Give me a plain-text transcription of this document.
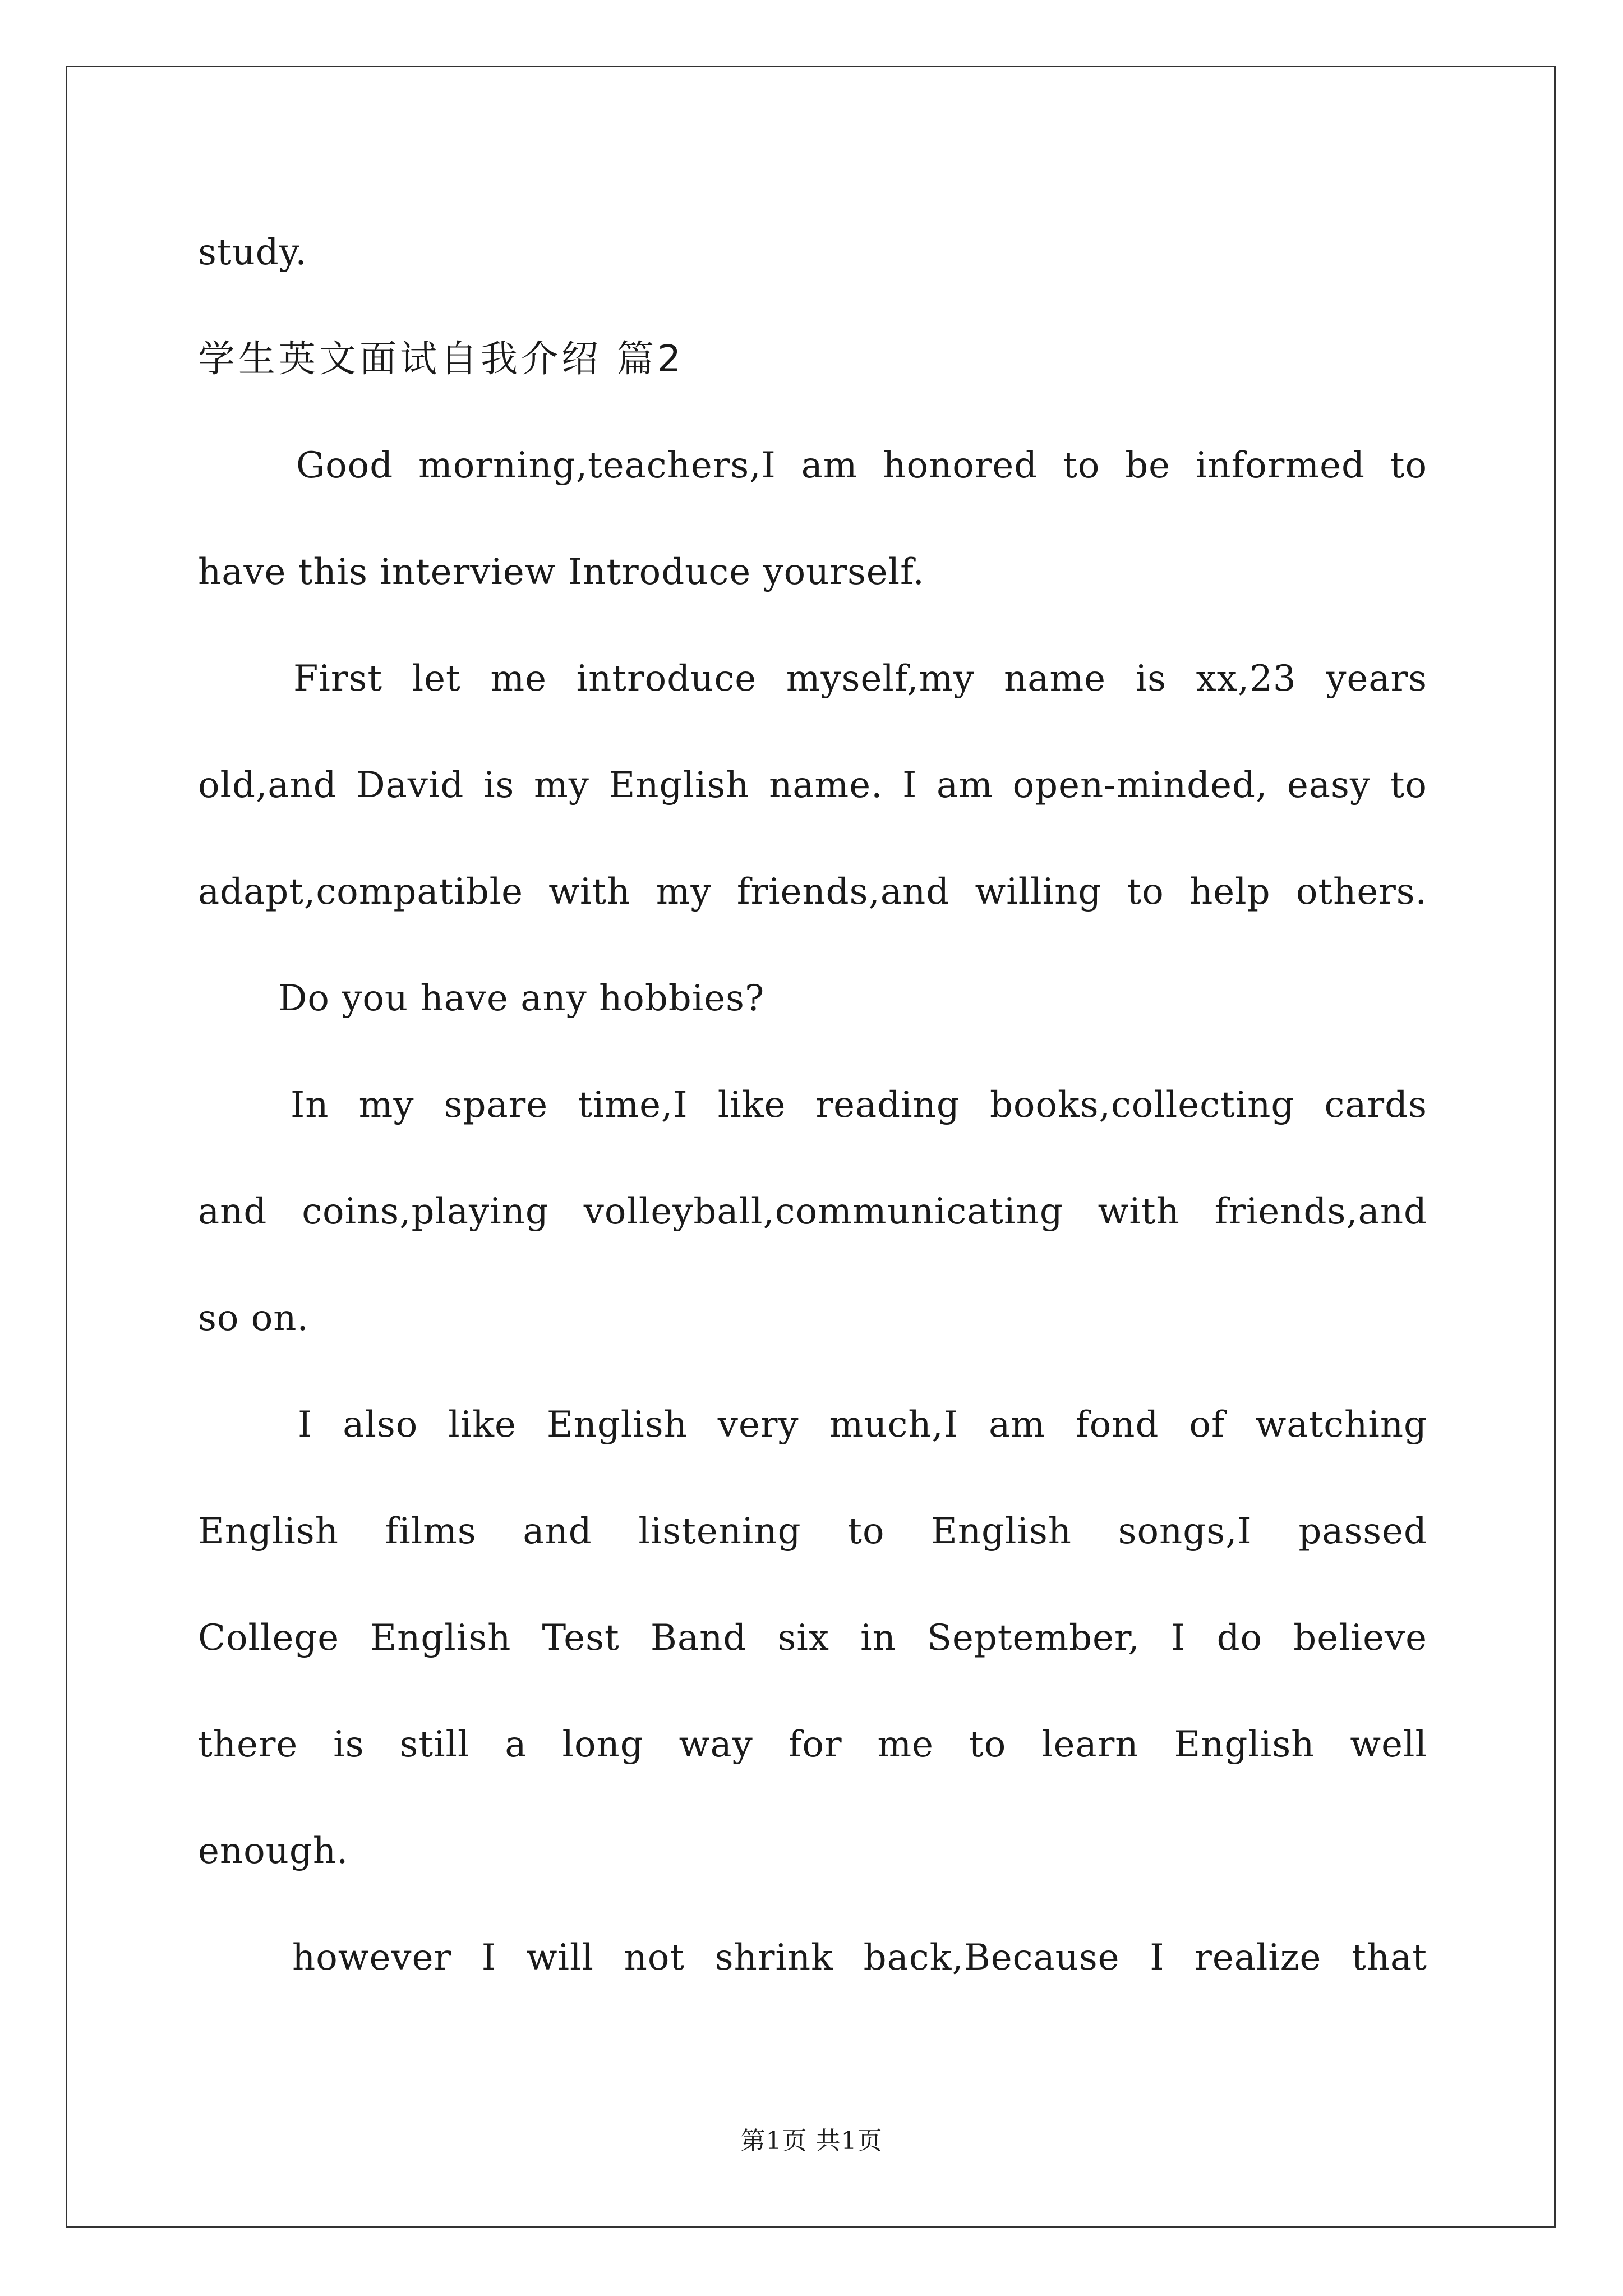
study.
学生英文面试自我介绍 篇2
Good morning,teachers,I am honored to be informed to
have this interview Introduce yourself.
First let me introduce myself,my name is xx,23 years
old,and David is my English name. I am open-minded, easy to
adapt,compatible with my friends,and willing to help others.
Do you have any hobbies?
In my spare time,I like reading books,collecting cards
and coins,playing volleyball,communicating with friends,and
so on.
I also like English very much,I am fond of watching
English films and listening to English songs,I passed
College English Test Band six in September, I do believe
there is still a long way for me to learn English well
enough.
however I will not shrink back,Because I realize that
第1页 共1页
